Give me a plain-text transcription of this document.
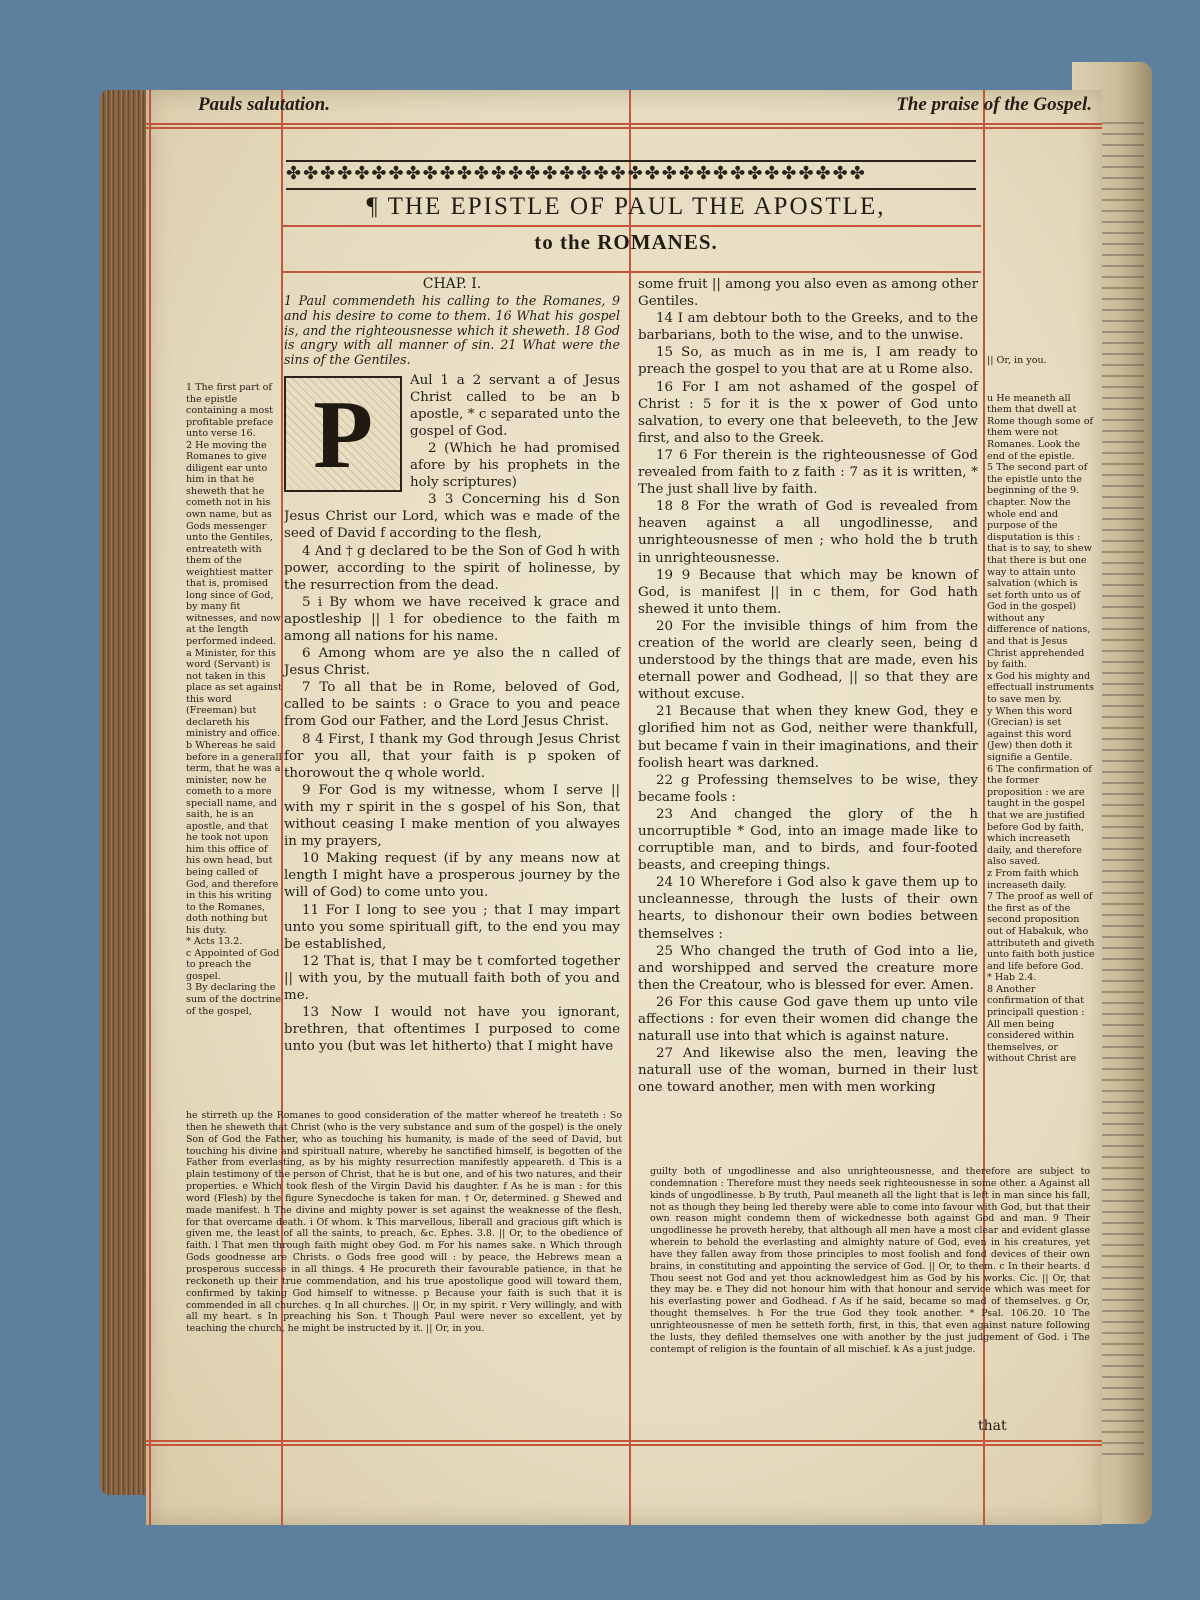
Pauls salutation.	The praise of the Gospel.

✤✤✤✤✤✤✤✤✤✤✤✤✤✤✤✤✤✤✤✤✤✤✤✤✤✤✤✤✤✤✤✤✤✤
¶ THE EPISTLE OF PAUL THE APOSTLE,
to the ROMANES.

1 The first part of the epistle containing a most profitable preface unto verse 16.

2 He moving the Romanes to give diligent ear unto him in that he sheweth that he cometh not in his own name, but as Gods messenger unto the Gentiles, entreateth with them of the weightiest matter that is, promised long since of God, by many fit witnesses, and now at the length performed indeed.

a Minister, for this word (Servant) is not taken in this place as set against this word (Freeman) but declareth his ministry and office.

b Whereas he said before in a generall term, that he was a minister, now he cometh to a more speciall name, and saith, he is an apostle, and that he took not upon him this office of his own head, but being called of God, and therefore in this his writing to the Romanes, doth nothing but his duty.

* Acts 13.2.

c Appointed of God to preach the gospel.

3 By declaring the sum of the doctrine of the gospel,

CHAP. I.

1 Paul commendeth his calling to the Romanes, 9 and his desire to come to them. 16 What his gospel is, and the righteousnesse which it sheweth. 18 God is angry with all manner of sin. 21 What were the sins of the Gentiles.

P

Aul 1 a 2 servant a of Jesus Christ called to be an b apostle, * c separated unto the gospel of God.

2 (Which he had promised afore by his prophets in the holy scriptures)

3 3 Concerning his d Son Jesus Christ our Lord, which was e made of the seed of David f according to the flesh,

4 And † g declared to be the Son of God h with power, according to the spirit of holinesse, by the resurrection from the dead.

5 i By whom we have received k grace and apostleship || l for obedience to the faith m among all nations for his name.

6 Among whom are ye also the n called of Jesus Christ.

7 To all that be in Rome, beloved of God, called to be saints : o Grace to you and peace from God our Father, and the Lord Jesus Christ.

8 4 First, I thank my God through Jesus Christ for you all, that your faith is p spoken of thorowout the q whole world.

9 For God is my witnesse, whom I serve || with my r spirit in the s gospel of his Son, that without ceasing I make mention of you alwayes in my prayers,

10 Making request (if by any means now at length I might have a prosperous journey by the will of God) to come unto you.

11 For I long to see you ; that I may impart unto you some spirituall gift, to the end you may be established,

12 That is, that I may be t comforted together || with you, by the mutuall faith both of you and me.

13 Now I would not have you ignorant, brethren, that oftentimes I purposed to come unto you (but was let hitherto) that I might have

some fruit || among you also even as among other Gentiles.

14 I am debtour both to the Greeks, and to the barbarians, both to the wise, and to the unwise.

15 So, as much as in me is, I am ready to preach the gospel to you that are at u Rome also.

16 For I am not ashamed of the gospel of Christ : 5 for it is the x power of God unto salvation, to every one that beleeveth, to the Jew first, and also to the Greek.

17 6 For therein is the righteousnesse of God revealed from faith to z faith : 7 as it is written, * The just shall live by faith.

18 8 For the wrath of God is revealed from heaven against a all ungodlinesse, and unrighteousnesse of men ; who hold the b truth in unrighteousnesse.

19 9 Because that which may be known of God, is manifest || in c them, for God hath shewed it unto them.

20 For the invisible things of him from the creation of the world are clearly seen, being d understood by the things that are made, even his eternall power and Godhead, || so that they are without excuse.

21 Because that when they knew God, they e glorified him not as God, neither were thankfull, but became f vain in their imaginations, and their foolish heart was darkned.

22 g Professing themselves to be wise, they became fools :

23 And changed the glory of the h uncorruptible * God, into an image made like to corruptible man, and to birds, and four-footed beasts, and creeping things.

24 10 Wherefore i God also k gave them up to uncleannesse, through the lusts of their own hearts, to dishonour their own bodies between themselves :

25 Who changed the truth of God into a lie, and worshipped and served the creature more then the Creatour, who is blessed for ever. Amen.

26 For this cause God gave them up unto vile affections : for even their women did change the naturall use into that which is against nature.

27 And likewise also the men, leaving the naturall use of the woman, burned in their lust one toward another, men with men working

|| Or, in you.

u He meaneth all them that dwell at Rome though some of them were not Romanes. Look the end of the epistle.

5 The second part of the epistle unto the beginning of the 9. chapter. Now the whole end and purpose of the disputation is this : that is to say, to shew that there is but one way to attain unto salvation (which is set forth unto us of God in the gospel) without any difference of nations, and that is Jesus Christ apprehended by faith.

x God his mighty and effectuall instruments to save men by.

y When this word (Grecian) is set against this word (Jew) then doth it signifie a Gentile.

6 The confirmation of the former proposition : we are taught in the gospel that we are justified before God by faith, which increaseth daily, and therefore also saved.

z From faith which increaseth daily.

7 The proof as well of the first as of the second proposition out of Habakuk, who attributeth and giveth unto faith both justice and life before God.

* Hab 2.4.

8 Another confirmation of that principall question : All men being considered within themselves, or without Christ are

he stirreth up the Romanes to good consideration of the matter whereof he treateth : So then he sheweth that Christ (who is the very substance and sum of the gospel) is the onely Son of God the Father, who as touching his humanity, is made of the seed of David, but touching his divine and spirituall nature, whereby he sanctified himself, is begotten of the Father from everlasting, as by his mighty resurrection manifestly appeareth. d This is a plain testimony of the person of Christ, that he is but one, and of his two natures, and their properties. e Which took flesh of the Virgin David his daughter. f As he is man : for this word (Flesh) by the figure Synecdoche is taken for man. † Or, determined. g Shewed and made manifest. h The divine and mighty power is set against the weaknesse of the flesh, for that overcame death. i Of whom. k This marvellous, liberall and gracious gift which is given me, the least of all the saints, to preach, &c. Ephes. 3.8. || Or, to the obedience of faith. l That men through faith might obey God. m For his names sake. n Which through Gods goodnesse are Christs. o Gods free good will : by peace, the Hebrews mean a prosperous successe in all things. 4 He procureth their favourable patience, in that he reckoneth up their true commendation, and his true apostolique good will toward them, confirmed by taking God himself to witnesse. p Because your faith is such that it is commended in all churches. q In all churches. || Or, in my spirit. r Very willingly, and with all my heart. s In preaching his Son. t Though Paul were never so excellent, yet by teaching the church, he might be instructed by it. || Or, in you.

guilty both of ungodlinesse and also unrighteousnesse, and therefore are subject to condemnation : Therefore must they needs seek righteousnesse in some other. a Against all kinds of ungodlinesse. b By truth, Paul meaneth all the light that is left in man since his fall, not as though they being led thereby were able to come into favour with God, but that their own reason might condemn them of wickednesse both against God and man. 9 Their ungodlinesse he proveth hereby, that although all men have a most clear and evident glasse wherein to behold the everlasting and almighty nature of God, even in his creatures, yet have they fallen away from those principles to most foolish and fond devices of their own brains, in constituting and appointing the service of God. || Or, to them. c In their hearts. d Thou seest not God and yet thou acknowledgest him as God by his works. Cic. || Or, that they may be. e They did not honour him with that honour and service which was meet for his everlasting power and Godhead. f As if he said, became so mad of themselves. g Or, thought themselves. h For the true God they took another. * Psal. 106.20. 10 The unrighteousnesse of men he setteth forth, first, in this, that even against nature following the lusts, they defiled themselves one with another by the just judgement of God. i The contempt of religion is the fountain of all mischief. k As a just judge.

that
